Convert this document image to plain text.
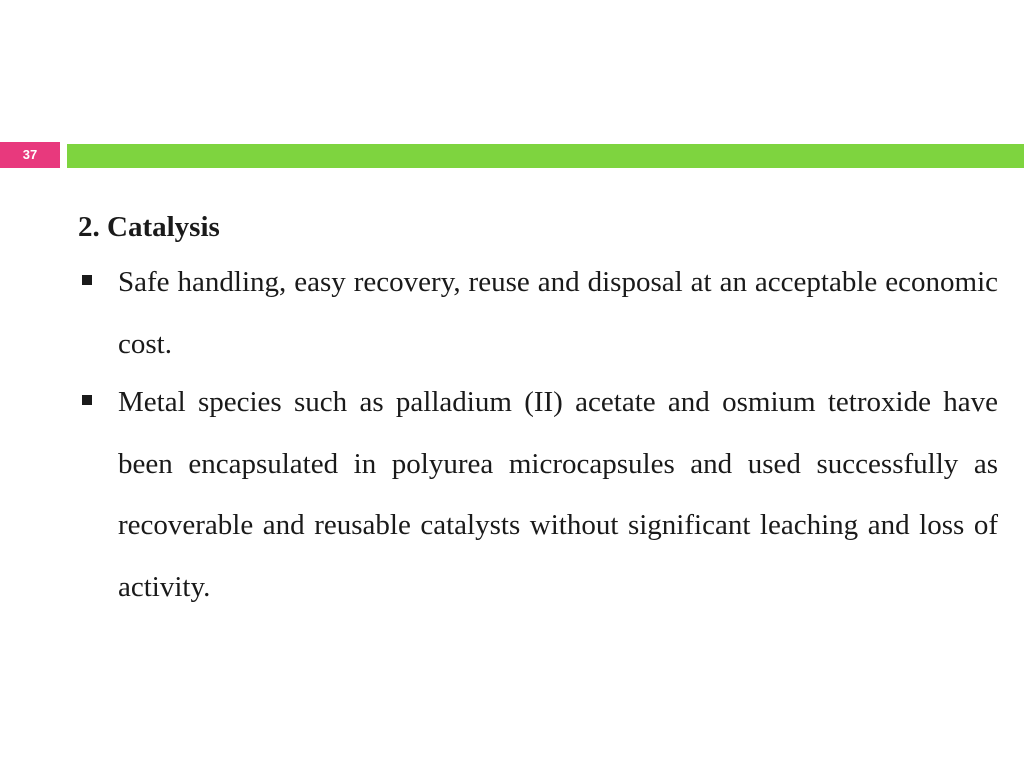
37
2. Catalysis
Safe handling, easy recovery, reuse and disposal at an acceptable economic cost.
Metal species such as palladium (II) acetate and osmium tetroxide have been encapsulated in polyurea microcapsules and used successfully as recoverable and reusable catalysts without significant leaching and loss of activity.
